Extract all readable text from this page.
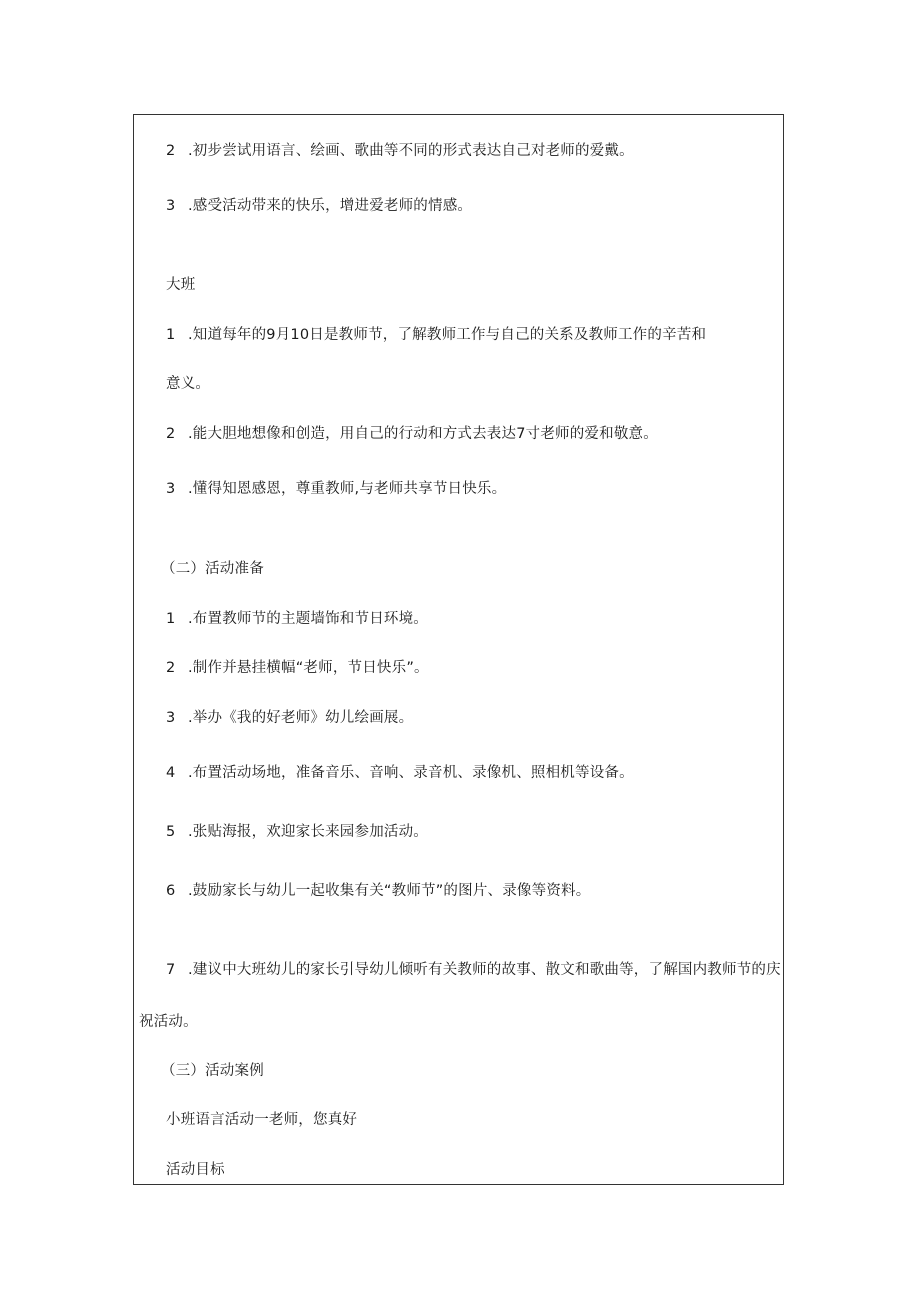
2 .初步尝试用语言、绘画、歌曲等不同的形式表达自己对老师的爱戴。
3 .感受活动带来的快乐，增进爱老师的情感。
大班
1 .知道每年的9月10日是教师节，了解教师工作与自己的关系及教师工作的辛苦和
意义。
2 .能大胆地想像和创造，用自己的行动和方式去表达7寸老师的爱和敬意。
3 .懂得知恩感恩，尊重教师,与老师共享节日快乐。
（二）活动准备
1 .布置教师节的主题墙饰和节日环境。
2 .制作并悬挂横幅“老师，节日快乐”。
3 .举办《我的好老师》幼儿绘画展。
4 .布置活动场地，准备音乐、音响、录音机、录像机、照相机等设备。
5 .张贴海报，欢迎家长来园参加活动。
6 .鼓励家长与幼儿一起收集有关“教师节”的图片、录像等资料。
7 .建议中大班幼儿的家长引导幼儿倾听有关教师的故事、散文和歌曲等，了解国内教师节的庆
祝活动。
（三）活动案例
小班语言活动一老师，您真好
活动目标
